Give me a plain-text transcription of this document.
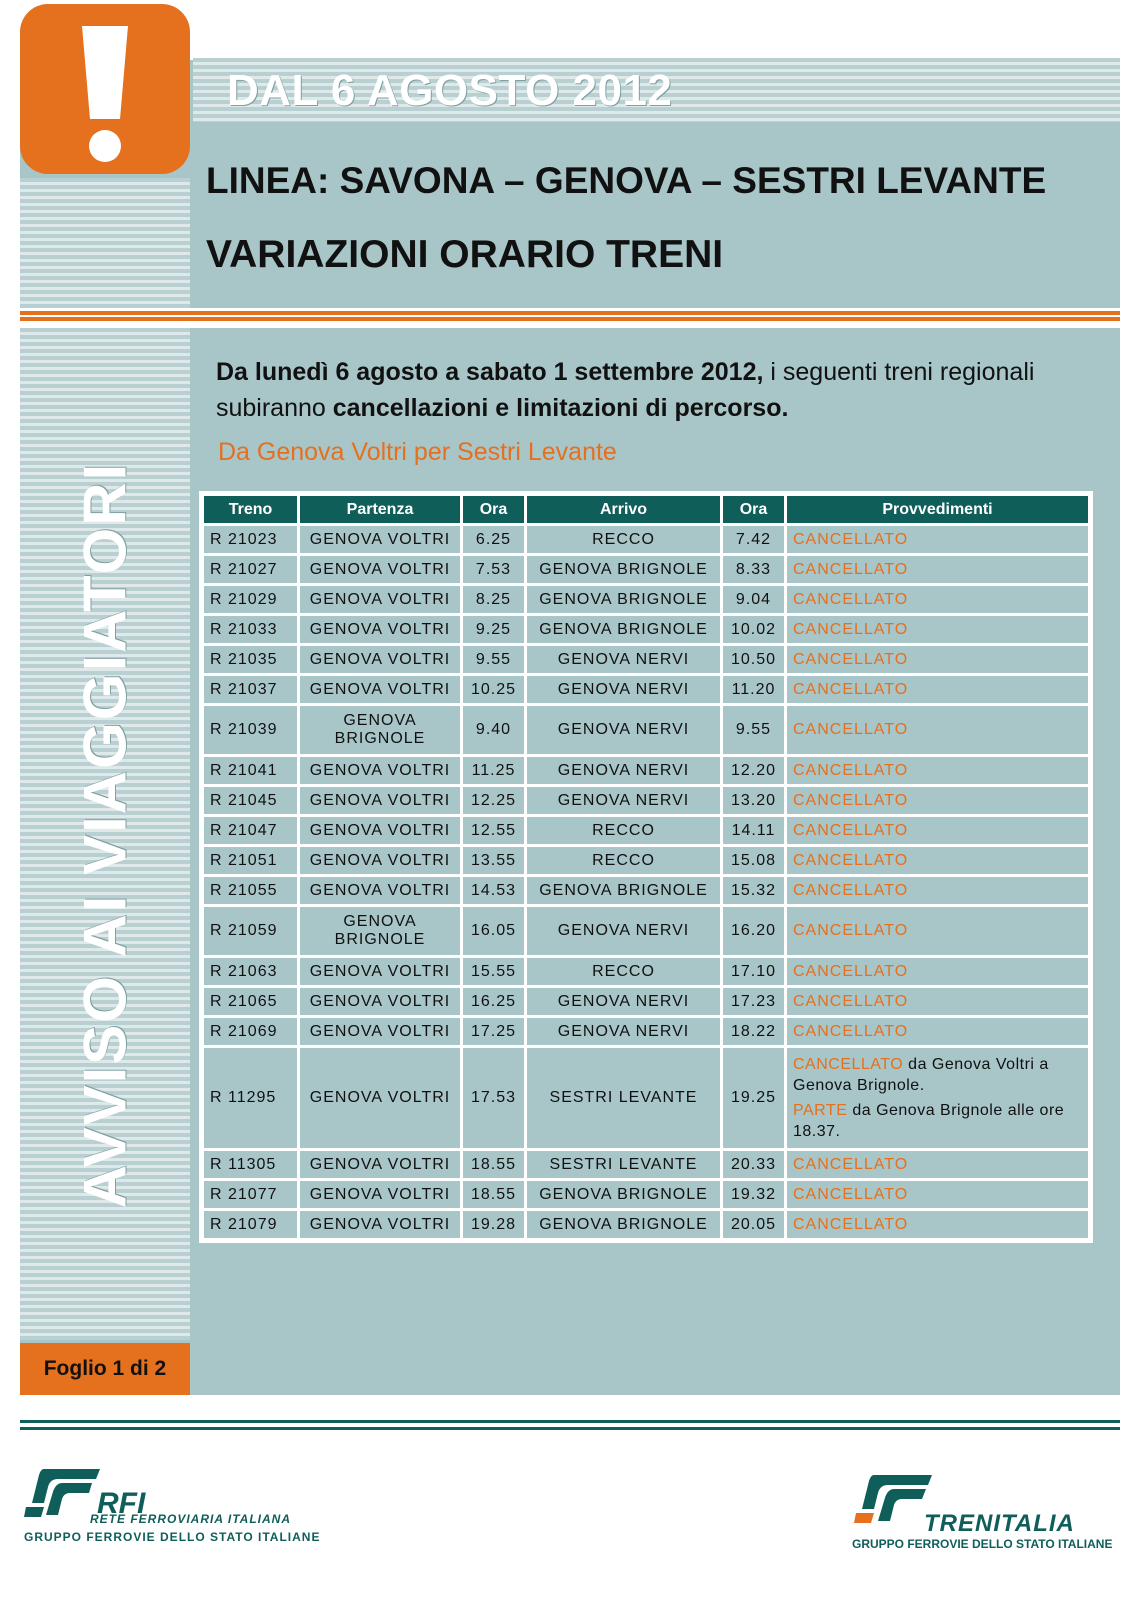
DAL 6 AGOSTO 2012
LINEA: SAVONA – GENOVA – SESTRI LEVANTE
VARIAZIONI ORARIO TRENI
AVVISO AI VIAGGIATORI
Foglio 1 di 2
Da lunedì 6 agosto a sabato 1 settembre 2012, i seguenti treni regionali subiranno cancellazioni e limitazioni di percorso.
Da Genova Voltri per Sestri Levante
Treno	Partenza	Ora	Arrivo	Ora	Provvedimenti
R 21023	GENOVA VOLTRI	6.25	RECCO	7.42	CANCELLATO
R 21027	GENOVA VOLTRI	7.53	GENOVA BRIGNOLE	8.33	CANCELLATO
R 21029	GENOVA VOLTRI	8.25	GENOVA BRIGNOLE	9.04	CANCELLATO
R 21033	GENOVA VOLTRI	9.25	GENOVA BRIGNOLE	10.02	CANCELLATO
R 21035	GENOVA VOLTRI	9.55	GENOVA NERVI	10.50	CANCELLATO
R 21037	GENOVA VOLTRI	10.25	GENOVA NERVI	11.20	CANCELLATO
R 21039	GENOVA BRIGNOLE	9.40	GENOVA NERVI	9.55	CANCELLATO
R 21041	GENOVA VOLTRI	11.25	GENOVA NERVI	12.20	CANCELLATO
R 21045	GENOVA VOLTRI	12.25	GENOVA NERVI	13.20	CANCELLATO
R 21047	GENOVA VOLTRI	12.55	RECCO	14.11	CANCELLATO
R 21051	GENOVA VOLTRI	13.55	RECCO	15.08	CANCELLATO
R 21055	GENOVA VOLTRI	14.53	GENOVA BRIGNOLE	15.32	CANCELLATO
R 21059	GENOVA BRIGNOLE	16.05	GENOVA NERVI	16.20	CANCELLATO
R 21063	GENOVA VOLTRI	15.55	RECCO	17.10	CANCELLATO
R 21065	GENOVA VOLTRI	16.25	GENOVA NERVI	17.23	CANCELLATO
R 21069	GENOVA VOLTRI	17.25	GENOVA NERVI	18.22	CANCELLATO
R 11295	GENOVA VOLTRI	17.53	SESTRI LEVANTE	19.25	CANCELLATO da Genova Voltri a Genova Brignole.
PARTE da Genova Brignole alle ore 18.37.

R 11305	GENOVA VOLTRI	18.55	SESTRI LEVANTE	20.33	CANCELLATO
R 21077	GENOVA VOLTRI	18.55	GENOVA BRIGNOLE	19.32	CANCELLATO
R 21079	GENOVA VOLTRI	19.28	GENOVA BRIGNOLE	20.05	CANCELLATO
RFI
RETE FERROVIARIA ITALIANA
GRUPPO FERROVIE DELLO STATO ITALIANE	TRENITALIA
GRUPPO FERROVIE DELLO STATO ITALIANE
